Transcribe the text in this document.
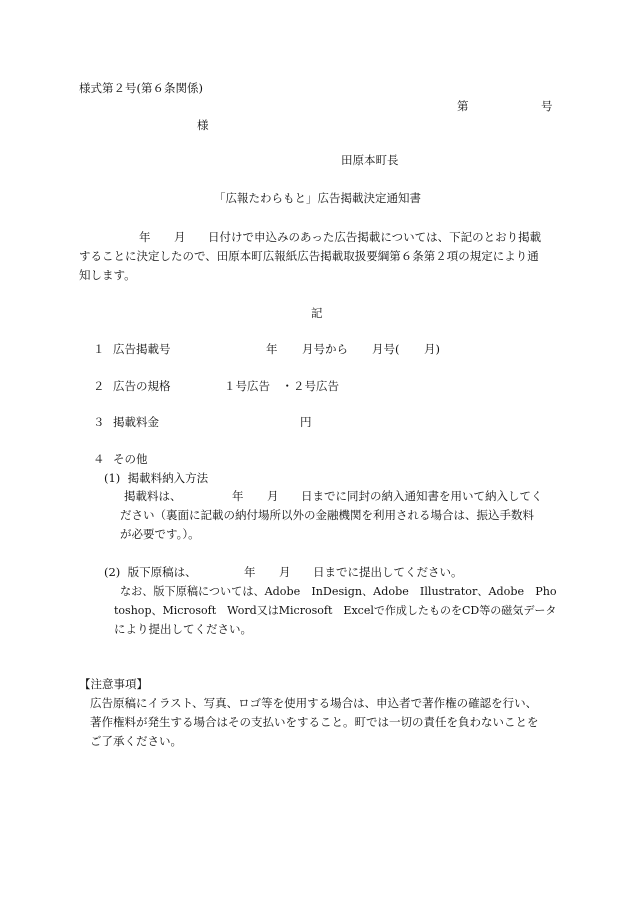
様式第２号(第６条関係)
第	号
様
田原本町長
「広報たわらもと」広告掲載決定通知書
年 月 日付けで申込みのあった広告掲載については、下記のとおり掲載
することに決定したので、田原本町広報紙広告掲載取扱要綱第６条第２項の規定により通
知します。
記
１ 広告掲載号	年 月号から 月号( 月)
２ 広告の規格	１号広告　・２号広告
３ 掲載料金	円
４ その他
(1)  掲載料納入方法
掲載料は、	年 月 日までに同封の納入通知書を用いて納入してく
ださい（裏面に記載の納付場所以外の金融機関を利用される場合は、振込手数料
が必要です。）。
(2)  版下原稿は、	年 月 日までに提出してください。
なお、版下原稿については、Adobe　InDesign、Adobe　Illustrator、Adobe　Pho
toshop、Microsoft　Word又はMicrosoft　Excelで作成したものをCD等の磁気データ
により提出してください。
【注意事項】
広告原稿にイラスト、写真、ロゴ等を使用する場合は、申込者で著作権の確認を行い、
著作権料が発生する場合はその支払いをすること。町では一切の責任を負わないことを
ご了承ください。
